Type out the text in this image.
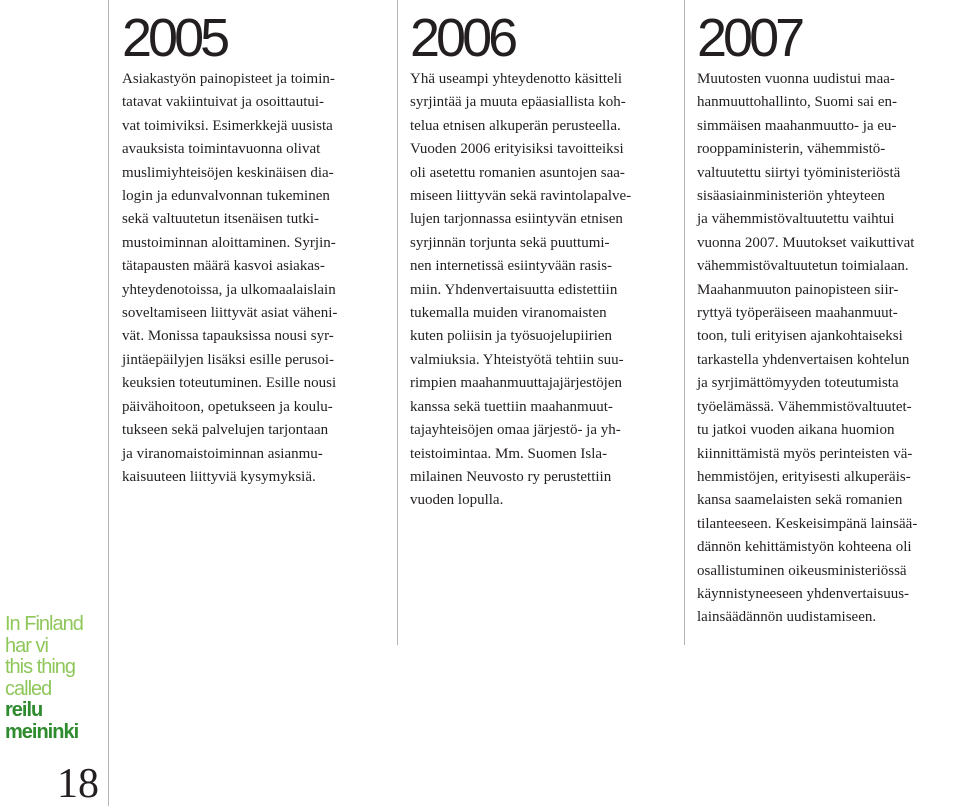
In Finland
har vi
this thing
called
reilu
meininki
18
2005

Asiakastyön painopisteet ja toimin-
tatavat vakiintuivat ja osoittautui-
vat toimiviksi. Esimerkkejä uusista
avauksista toimintavuonna olivat
muslimiyhteisöjen keskinäisen dia-
login ja edunvalvonnan tukeminen
sekä valtuutetun itsenäisen tutki-
mustoiminnan aloittaminen. Syrjin-
tätapausten määrä kasvoi asiakas-
yhteydenotoissa, ja ulkomaalaislain
soveltamiseen liittyvät asiat väheni-
vät. Monissa tapauksissa nousi syr-
jintäepäilyjen lisäksi esille perusoi-
keuksien toteutuminen. Esille nousi
päivähoitoon, opetukseen ja koulu-
tukseen sekä palvelujen tarjontaan
ja viranomaistoiminnan asianmu-
kaisuuteen liittyviä kysymyksiä.

2006

Yhä useampi yhteydenotto käsitteli
syrjintää ja muuta epäasiallista koh-
telua etnisen alkuperän perusteella.
Vuoden 2006 erityisiksi tavoitteiksi
oli asetettu romanien asuntojen saa-
miseen liittyvän sekä ravintolapalve-
lujen tarjonnassa esiintyvän etnisen
syrjinnän torjunta sekä puuttumi-
nen internetissä esiintyvään rasis-
miin. Yhdenvertaisuutta edistettiin
tukemalla muiden viranomaisten
kuten poliisin ja työsuojelupiirien
valmiuksia. Yhteistyötä tehtiin suu-
rimpien maahanmuuttajajärjestöjen
kanssa sekä tuettiin maahanmuut-
tajayhteisöjen omaa järjestö- ja yh-
teistoimintaa. Mm. Suomen Isla-
milainen Neuvosto ry perustettiin
vuoden lopulla.

2007

Muutosten vuonna uudistui maa-
hanmuuttohallinto, Suomi sai en-
simmäisen maahanmuutto- ja eu-
rooppaministerin, vähemmistö-
valtuutettu siirtyi työministeriöstä
sisäasiainministeriön yhteyteen
ja vähemmistövaltuutettu vaihtui
vuonna 2007. Muutokset vaikuttivat
vähemmistövaltuutetun toimialaan.
Maahanmuuton painopisteen siir-
ryttyä työperäiseen maahanmuut-
toon, tuli erityisen ajankohtaiseksi
tarkastella yhdenvertaisen kohtelun
ja syrjimättömyyden toteutumista
työelämässä. Vähemmistövaltuutet-
tu jatkoi vuoden aikana huomion
kiinnittämistä myös perinteisten vä-
hemmistöjen, erityisesti alkuperäis-
kansa saamelaisten sekä romanien
tilanteeseen. Keskeisimpänä lainsää-
dännön kehittämistyön kohteena oli
osallistuminen oikeusministeriössä
käynnistyneeseen yhdenvertaisuus-
lainsäädännön uudistamiseen.
